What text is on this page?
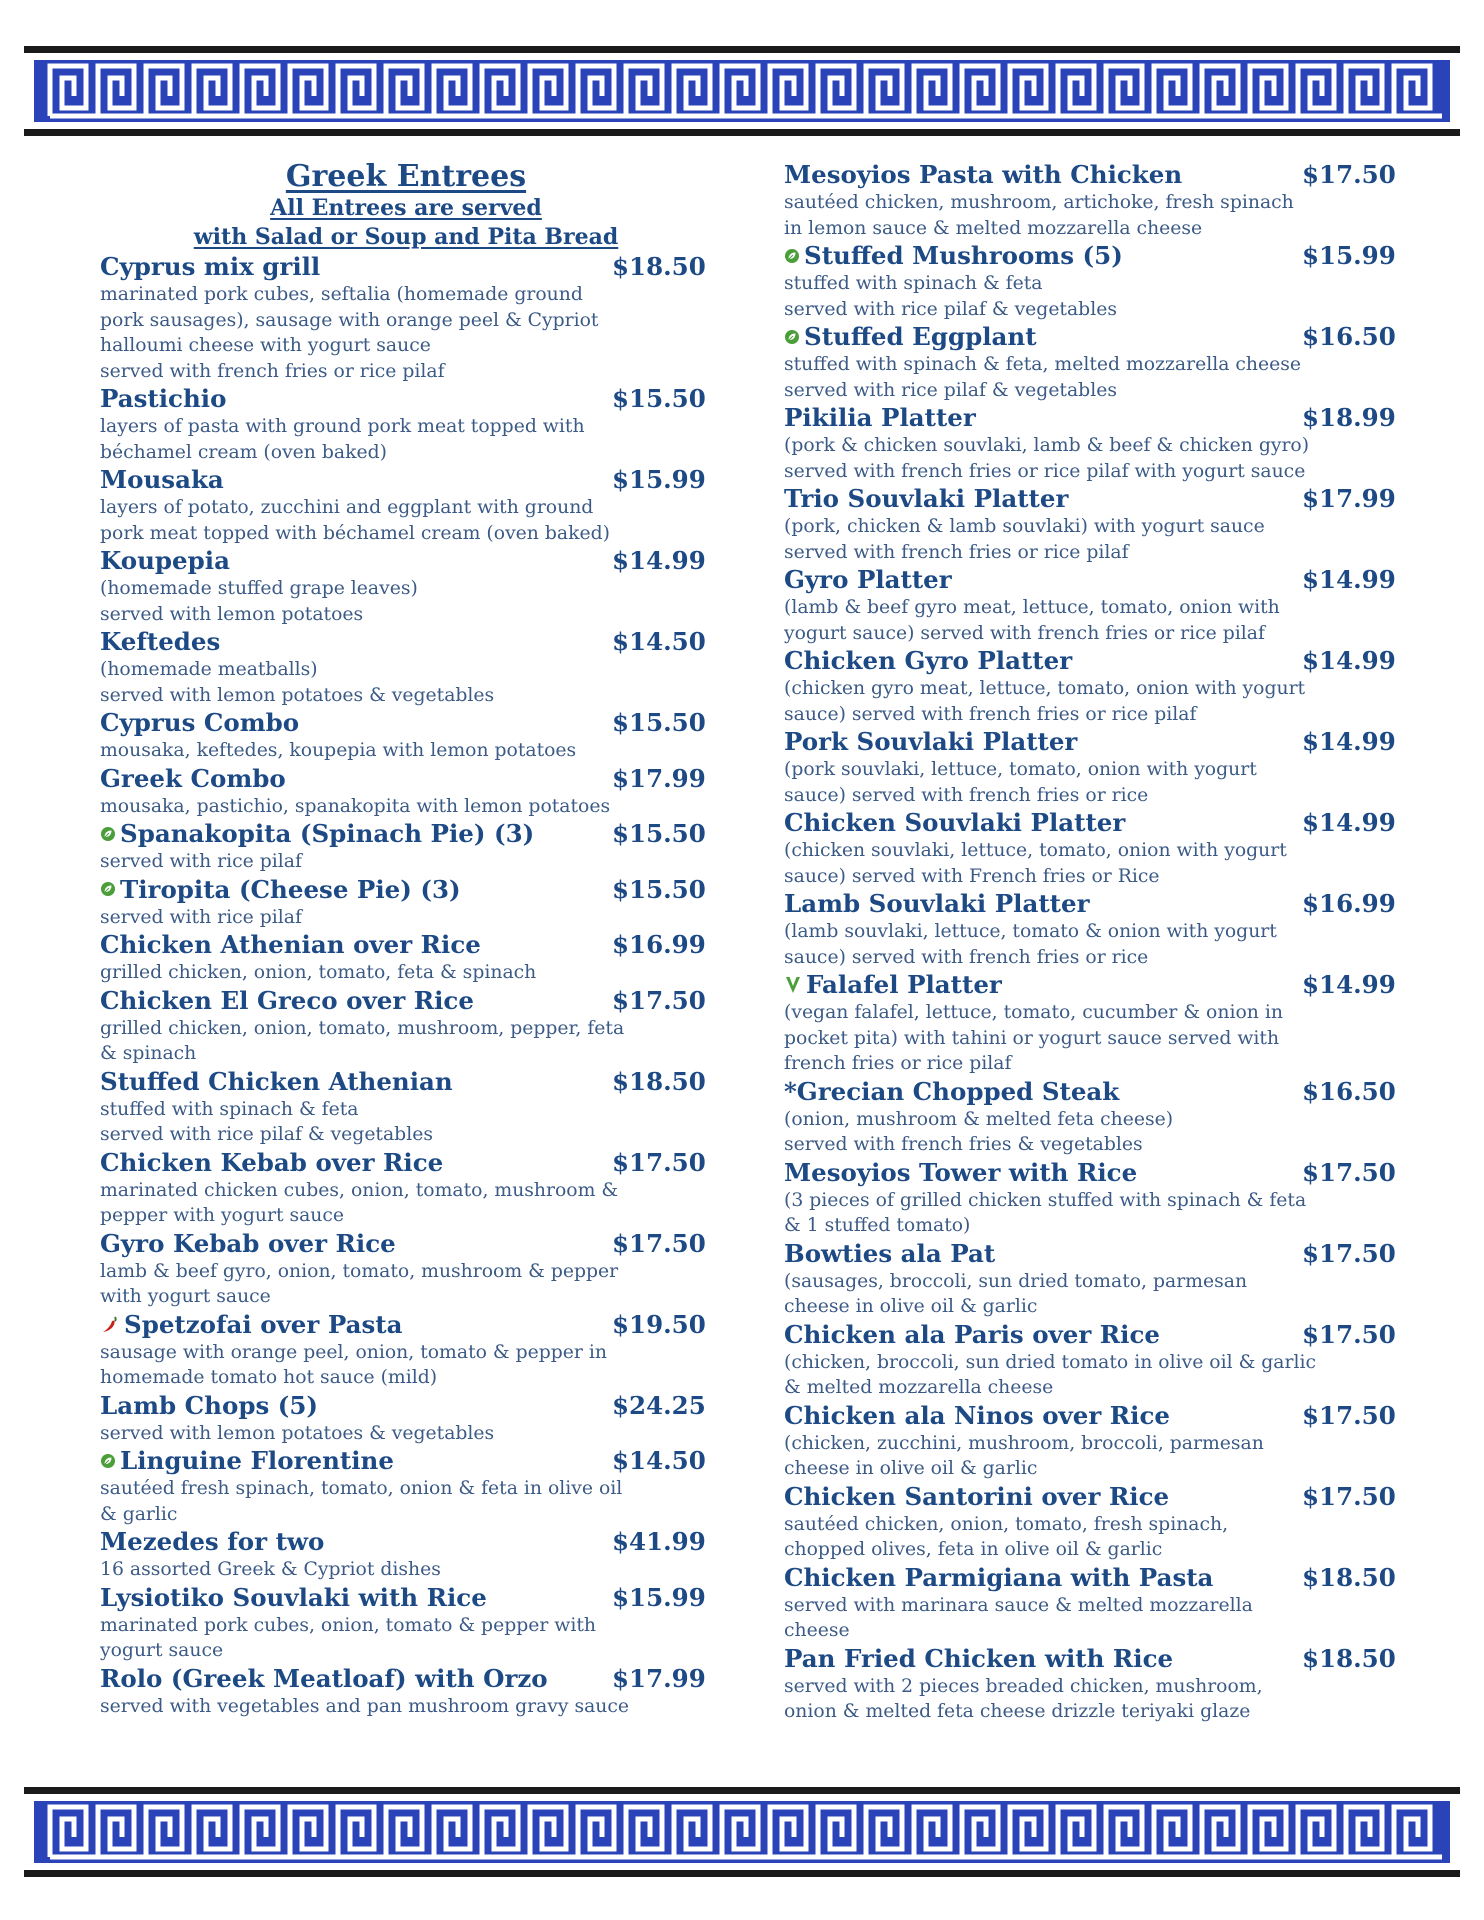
Greek Entrees
All Entrees are served
with Salad or Soup and Pita Bread
Cyprus mix grill	$18.50
marinated pork cubes, seftalia (homemade ground
pork sausages), sausage with orange peel & Cypriot
halloumi cheese with yogurt sauce
served with french fries or rice pilaf
Pastichio	$15.50
layers of pasta with ground pork meat topped with
béchamel cream (oven baked)
Mousaka	$15.99
layers of potato, zucchini and eggplant with ground
pork meat topped with béchamel cream (oven baked)
Koupepia	$14.99
(homemade stuffed grape leaves)
served with lemon potatoes
Keftedes	$14.50
(homemade meatballs)
served with lemon potatoes & vegetables
Cyprus Combo	$15.50
mousaka, keftedes, koupepia with lemon potatoes
Greek Combo	$17.99
mousaka, pastichio, spanakopita with lemon potatoes
Spanakopita (Spinach Pie) (3)	$15.50
served with rice pilaf
Tiropita (Cheese Pie) (3)	$15.50
served with rice pilaf
Chicken Athenian over Rice	$16.99
grilled chicken, onion, tomato, feta & spinach
Chicken El Greco over Rice	$17.50
grilled chicken, onion, tomato, mushroom, pepper, feta
& spinach
Stuffed Chicken Athenian	$18.50
stuffed with spinach & feta
served with rice pilaf & vegetables
Chicken Kebab over Rice	$17.50
marinated chicken cubes, onion, tomato, mushroom &
pepper with yogurt sauce
Gyro Kebab over Rice	$17.50
lamb & beef gyro, onion, tomato, mushroom & pepper
with yogurt sauce
Spetzofai over Pasta	$19.50
sausage with orange peel, onion, tomato & pepper in
homemade tomato hot sauce (mild)
Lamb Chops (5)	$24.25
served with lemon potatoes & vegetables
Linguine Florentine	$14.50
sautéed fresh spinach, tomato, onion & feta in olive oil
& garlic
Mezedes for two	$41.99
16 assorted Greek & Cypriot dishes
Lysiotiko Souvlaki with Rice	$15.99
marinated pork cubes, onion, tomato & pepper with
yogurt sauce
Rolo (Greek Meatloaf) with Orzo	$17.99
served with vegetables and pan mushroom gravy sauce
Mesoyios Pasta with Chicken	$17.50
sautéed chicken, mushroom, artichoke, fresh spinach
in lemon sauce & melted mozzarella cheese
Stuffed Mushrooms (5)	$15.99
stuffed with spinach & feta
served with rice pilaf & vegetables
Stuffed Eggplant	$16.50
stuffed with spinach & feta, melted mozzarella cheese
served with rice pilaf & vegetables
Pikilia Platter	$18.99
(pork & chicken souvlaki, lamb & beef & chicken gyro)
served with french fries or rice pilaf with yogurt sauce
Trio Souvlaki Platter	$17.99
(pork, chicken & lamb souvlaki) with yogurt sauce
served with french fries or rice pilaf
Gyro Platter	$14.99
(lamb & beef gyro meat, lettuce, tomato, onion with
yogurt sauce) served with french fries or rice pilaf
Chicken Gyro Platter	$14.99
(chicken gyro meat, lettuce, tomato, onion with yogurt
sauce) served with french fries or rice pilaf
Pork Souvlaki Platter	$14.99
(pork souvlaki, lettuce, tomato, onion with yogurt
sauce) served with french fries or rice
Chicken Souvlaki Platter	$14.99
(chicken souvlaki, lettuce, tomato, onion with yogurt
sauce) served with French fries or Rice
Lamb Souvlaki Platter	$16.99
(lamb souvlaki, lettuce, tomato & onion with yogurt
sauce) served with french fries or rice
Falafel Platter	$14.99
(vegan falafel, lettuce, tomato, cucumber & onion in
pocket pita) with tahini or yogurt sauce served with
french fries or rice pilaf
*Grecian Chopped Steak	$16.50
(onion, mushroom & melted feta cheese)
served with french fries & vegetables
Mesoyios Tower with Rice	$17.50
(3 pieces of grilled chicken stuffed with spinach & feta
& 1 stuffed tomato)
Bowties ala Pat	$17.50
(sausages, broccoli, sun dried tomato, parmesan
cheese in olive oil & garlic
Chicken ala Paris over Rice	$17.50
(chicken, broccoli, sun dried tomato in olive oil & garlic
& melted mozzarella cheese
Chicken ala Ninos over Rice	$17.50
(chicken, zucchini, mushroom, broccoli, parmesan
cheese in olive oil & garlic
Chicken Santorini over Rice	$17.50
sautéed chicken, onion, tomato, fresh spinach,
chopped olives, feta in olive oil & garlic
Chicken Parmigiana with Pasta	$18.50
served with marinara sauce & melted mozzarella
cheese
Pan Fried Chicken with Rice	$18.50
served with 2 pieces breaded chicken, mushroom,
onion & melted feta cheese drizzle teriyaki glaze
